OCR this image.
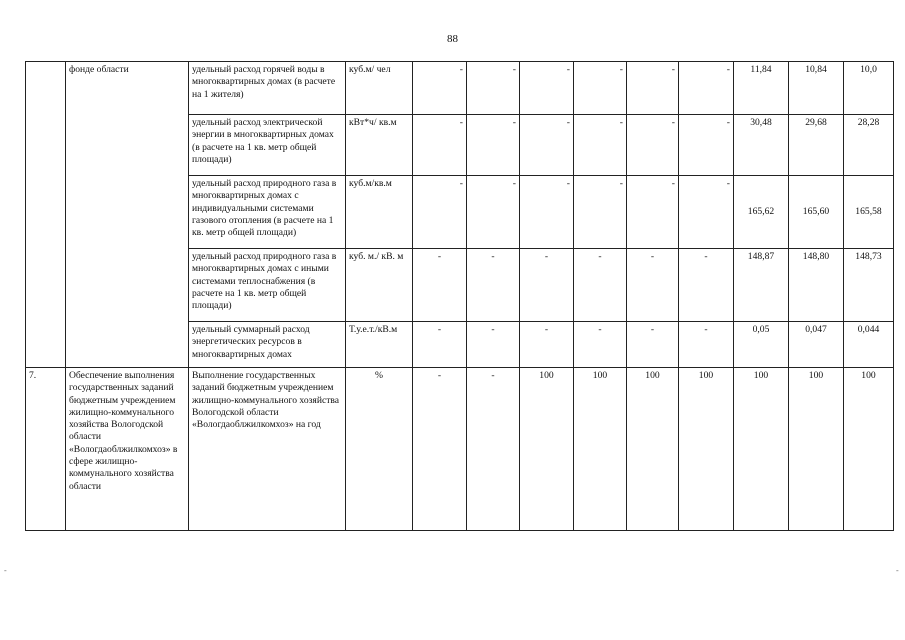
88
	фонде области	удельный расход горячей воды в многоквартирных домах (в расчете на 1 жителя)	куб.м/ чел	-	-	-	-	-	-	11,84	10,84	10,0
		удельный расход электрической энергии в многоквартирных домах (в расчете на 1 кв. метр общей площади)	кВт*ч/ кв.м	-	-	-	-	-	-	30,48	29,68	28,28
		удельный расход природного газа в многоквартирных домах с индивидуальными системами газового отопления (в расчете на 1 кв. метр общей площади)	куб.м/кв.м	-	-	-	-	-	-	165,62	165,60	165,58
		удельный расход природного газа в многоквартирных домах с иными системами теплоснабжения (в расчете на 1 кв. метр общей площади)	куб. м./ кВ. м	-	-	-	-	-	-	148,87	148,80	148,73
		удельный суммарный расход энергетических ресурсов в многоквартирных домах	Т.у.е.т./кВ.м	-	-	-	-	-	-	0,05	0,047	0,044
7.	Обеспечение выполнения государственных заданий бюджетным учреждением жилищно-коммунального хозяйства Вологодской области «Вологдаоблжилкомхоз» в сфере жилищно-коммунального хозяйства области	Выполнение государственных заданий бюджетным учреждением жилищно-коммунального хозяйства Вологодской области «Вологдаоблжилкомхоз» на год	%	-	-	100	100	100	100	100	100	100
-	-
